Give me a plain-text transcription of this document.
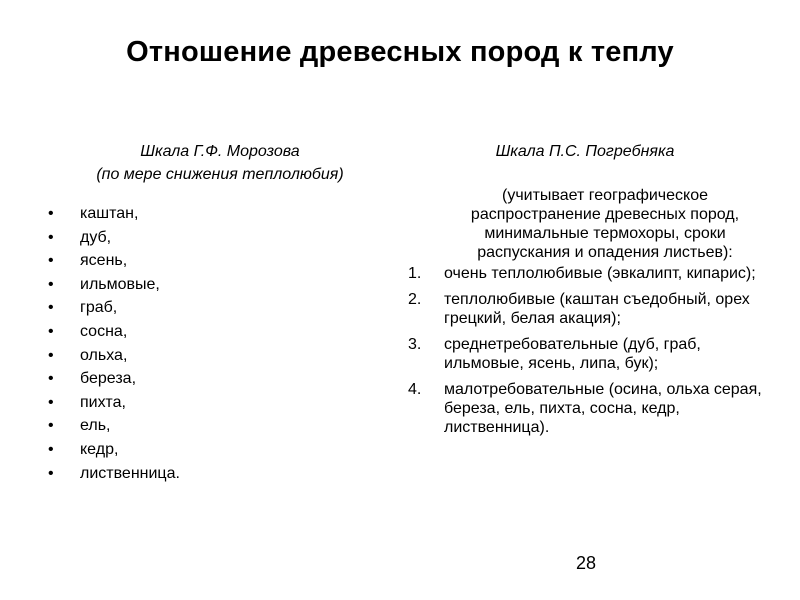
Отношение древесных пород к теплу
Шкала Г.Ф. Морозова
(по мере снижения теплолюбия)
• каштан,
• дуб,
• ясень,
• ильмовые,
• граб,
• сосна,
• ольха,
• береза,
• пихта,
• ель,
• кедр,
• лиственница.
Шкала П.С. Погребняка
(учитывает географическое распространение древесных пород, минимальные термохоры, сроки распускания и опадения листьев):
1. очень теплолюбивые (эвкалипт, кипарис);
2. теплолюбивые (каштан съедобный, орех грецкий, белая акация);
3. среднетребовательные (дуб, граб, ильмовые, ясень, липа, бук);
4. малотребовательные (осина, ольха серая, береза, ель, пихта, сосна, кедр, лиственница).
28
